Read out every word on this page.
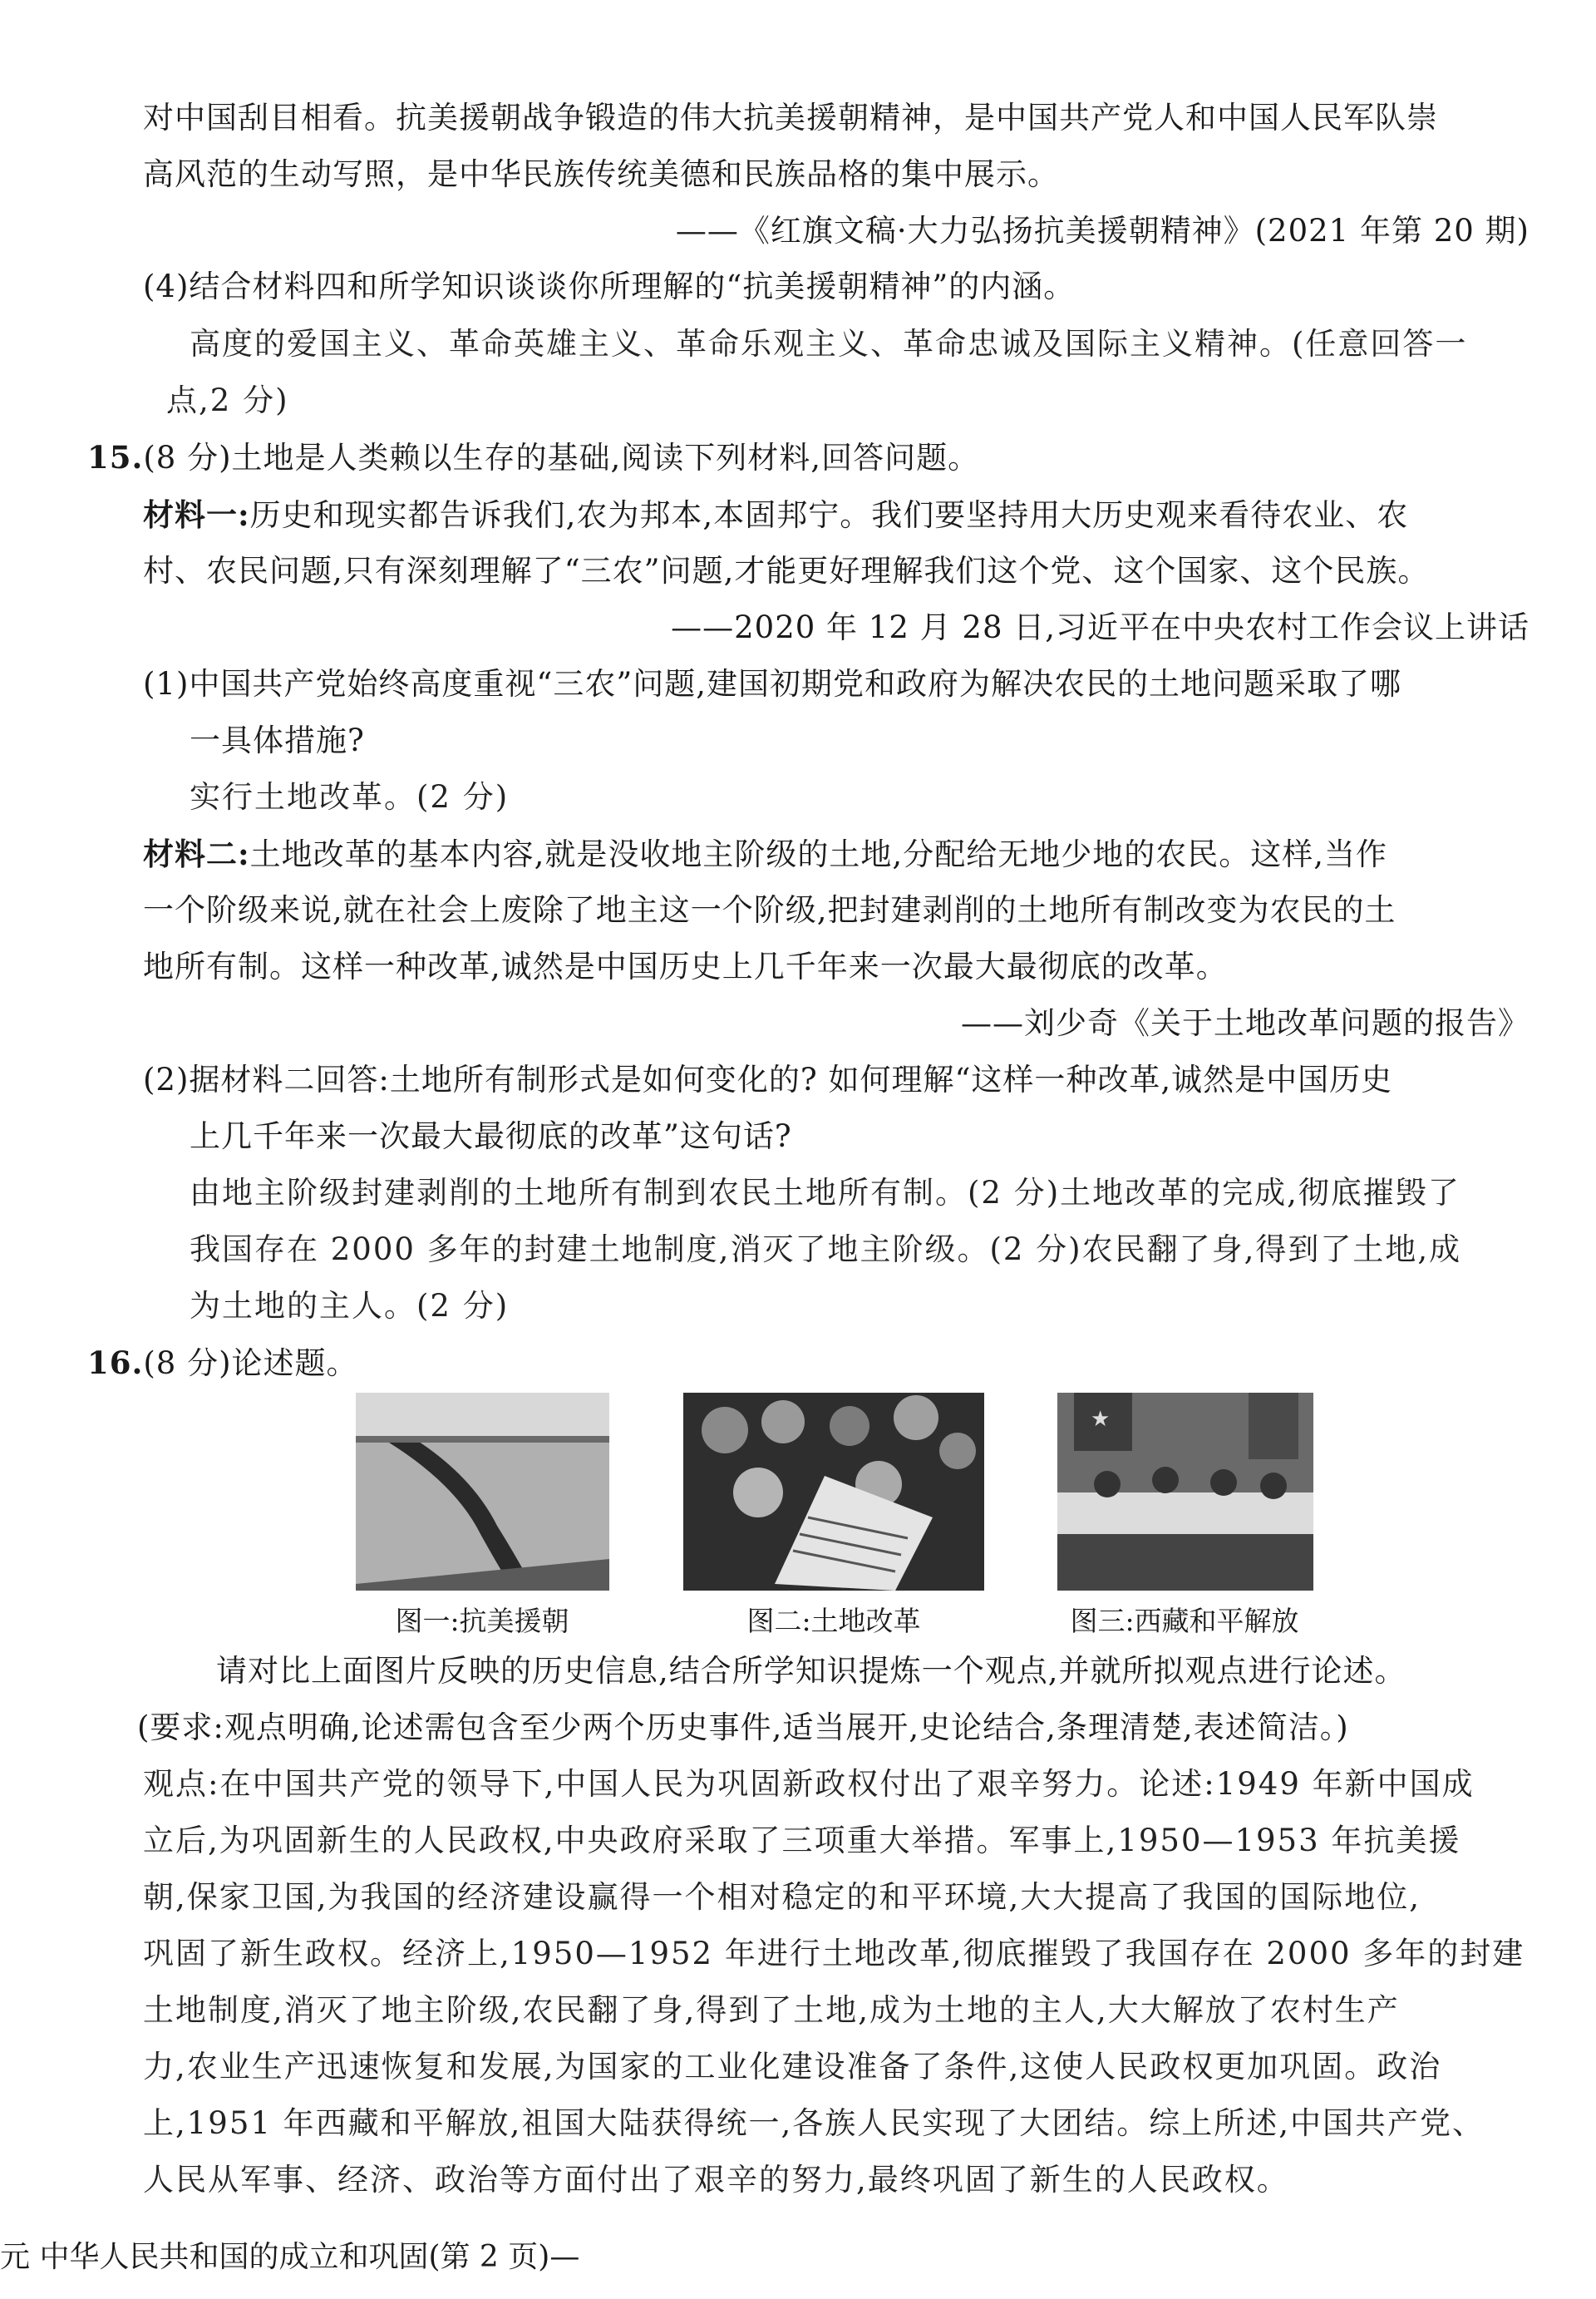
对中国刮目相看。抗美援朝战争锻造的伟大抗美援朝精神，是中国共产党人和中国人民军队崇
高风范的生动写照，是中华民族传统美德和民族品格的集中展示。
——《红旗文稿·大力弘扬抗美援朝精神》(2021 年第 20 期)
(4)结合材料四和所学知识谈谈你所理解的“抗美援朝精神”的内涵。
高度的爱国主义、革命英雄主义、革命乐观主义、革命忠诚及国际主义精神。(任意回答一
点,2 分)
15.(8 分)土地是人类赖以生存的基础,阅读下列材料,回答问题。
材料一:历史和现实都告诉我们,农为邦本,本固邦宁。我们要坚持用大历史观来看待农业、农
村、农民问题,只有深刻理解了“三农”问题,才能更好理解我们这个党、这个国家、这个民族。
——2020 年 12 月 28 日,习近平在中央农村工作会议上讲话
(1)中国共产党始终高度重视“三农”问题,建国初期党和政府为解决农民的土地问题采取了哪
一具体措施?
实行土地改革。(2 分)
材料二:土地改革的基本内容,就是没收地主阶级的土地,分配给无地少地的农民。这样,当作
一个阶级来说,就在社会上废除了地主这一个阶级,把封建剥削的土地所有制改变为农民的土
地所有制。这样一种改革,诚然是中国历史上几千年来一次最大最彻底的改革。
——刘少奇《关于土地改革问题的报告》
(2)据材料二回答:土地所有制形式是如何变化的? 如何理解“这样一种改革,诚然是中国历史
上几千年来一次最大最彻底的改革”这句话?
由地主阶级封建剥削的土地所有制到农民土地所有制。(2 分)土地改革的完成,彻底摧毁了
我国存在 2000 多年的封建土地制度,消灭了地主阶级。(2 分)农民翻了身,得到了土地,成
为土地的主人。(2 分)
16.(8 分)论述题。
★
图一:抗美援朝	图二:土地改革	图三:西藏和平解放
请对比上面图片反映的历史信息,结合所学知识提炼一个观点,并就所拟观点进行论述。
(要求:观点明确,论述需包含至少两个历史事件,适当展开,史论结合,条理清楚,表述简洁。)
观点:在中国共产党的领导下,中国人民为巩固新政权付出了艰辛努力。论述:1949 年新中国成
立后,为巩固新生的人民政权,中央政府采取了三项重大举措。军事上,1950—1953 年抗美援
朝,保家卫国,为我国的经济建设赢得一个相对稳定的和平环境,大大提高了我国的国际地位,
巩固了新生政权。经济上,1950—1952 年进行土地改革,彻底摧毁了我国存在 2000 多年的封建
土地制度,消灭了地主阶级,农民翻了身,得到了土地,成为土地的主人,大大解放了农村生产
力,农业生产迅速恢复和发展,为国家的工业化建设准备了条件,这使人民政权更加巩固。政治
上,1951 年西藏和平解放,祖国大陆获得统一,各族人民实现了大团结。综上所述,中国共产党、
人民从军事、经济、政治等方面付出了艰辛的努力,最终巩固了新生的人民政权。
元 中华人民共和国的成立和巩固(第 2 页)—
